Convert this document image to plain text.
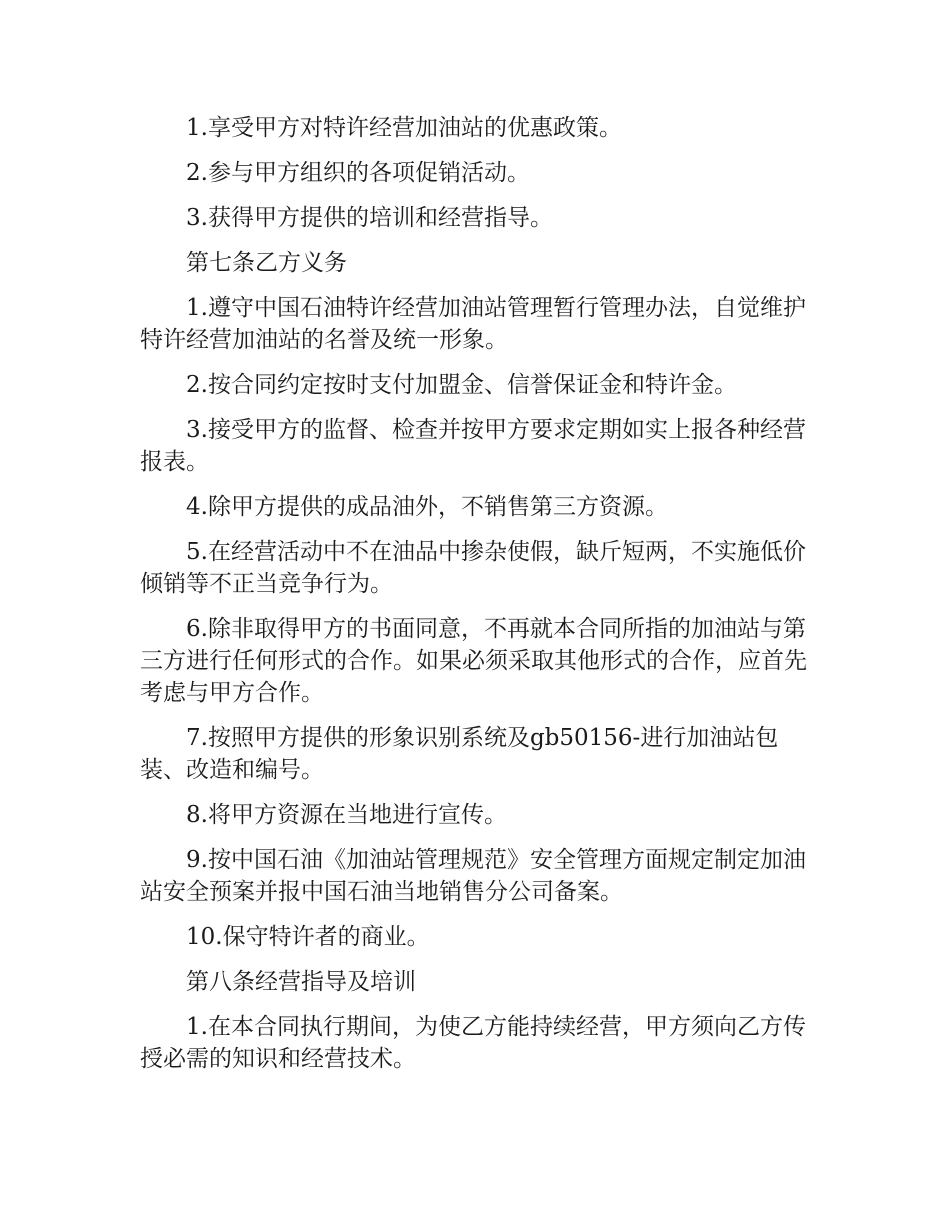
1.享受甲方对特许经营加油站的优惠政策。

2.参与甲方组织的各项促销活动。

3.获得甲方提供的培训和经营指导。

第七条乙方义务

1.遵守中国石油特许经营加油站管理暂行管理办法，自觉维护特许经营加油站的名誉及统一形象。

2.按合同约定按时支付加盟金、信誉保证金和特许金。

3.接受甲方的监督、检查并按甲方要求定期如实上报各种经营报表。

4.除甲方提供的成品油外，不销售第三方资源。

5.在经营活动中不在油品中掺杂使假，缺斤短两，不实施低价倾销等不正当竞争行为。

6.除非取得甲方的书面同意，不再就本合同所指的加油站与第三方进行任何形式的合作。如果必须采取其他形式的合作，应首先考虑与甲方合作。

7.按照甲方提供的形象识别系统及gb50156-进行加油站包装、改造和编号。

8.将甲方资源在当地进行宣传。

9.按中国石油《加油站管理规范》安全管理方面规定制定加油站安全预案并报中国石油当地销售分公司备案。

10.保守特许者的商业。

第八条经营指导及培训

1.在本合同执行期间，为使乙方能持续经营，甲方须向乙方传授必需的知识和经营技术。
